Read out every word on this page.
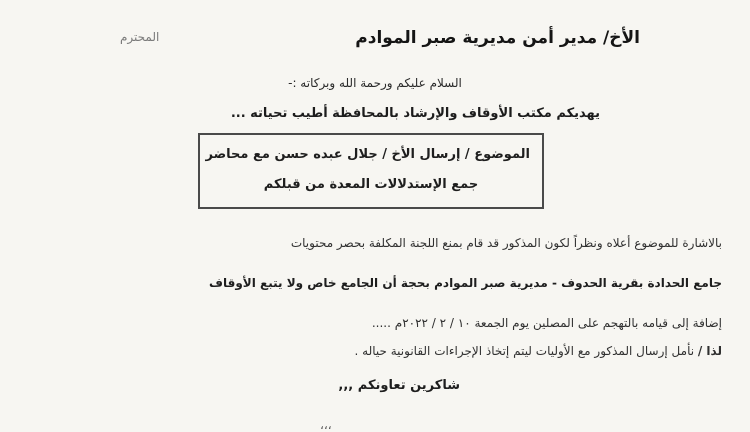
الأخ/ مدير أمن مديرية صبر الموادم
المحترم
السلام عليكم ورحمة الله وبركاته :-
يهديكم مكتب الأوقاف والإرشاد بالمحافظة أطيب تحياته ...
الموضوع / إرسال الأخ / جلال عبده حسن مع محاضر
جمع الإستدلالات المعدة من قبلكم
بالاشارة للموضوع أعلاه ونظراً لكون المذكور قد قام بمنع اللجنة المكلفة بحصر محتويات
جامع الحدادة بقرية الحدوف - مديرية صبر الموادم بحجة أن الجامع خاص ولا يتبع الأوقاف
إضافة إلى قيامه بالتهجم على المصلين يوم الجمعة ١٠ / ٢ / ٢٠٢٢م .....
لذا / نأمل إرسال المذكور مع الأوليات ليتم إتخاذ الإجراءات القانونية حياله .
شاكرين تعاونكم ,,,
،،،
